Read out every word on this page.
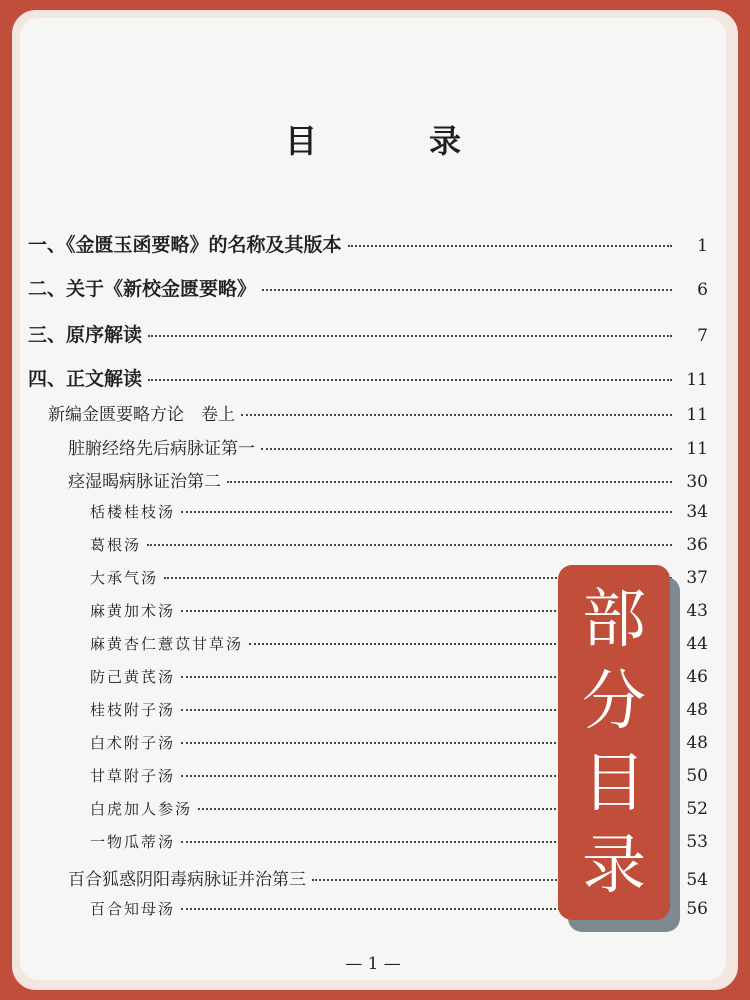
目　录
一、《金匮玉函要略》的名称及其版本	1
二、关于《新校金匮要略》	6
三、原序解读	7
四、正文解读	11
新编金匮要略方论　卷上	11
脏腑经络先后病脉证第一	11
痉湿暍病脉证治第二	30
栝楼桂枝汤	34
葛根汤	36
大承气汤	37
麻黄加术汤	43
麻黄杏仁薏苡甘草汤	44
防己黄芪汤	46
桂枝附子汤	48
白术附子汤	48
甘草附子汤	50
白虎加人参汤	52
一物瓜蒂汤	53
百合狐惑阴阳毒病脉证并治第三	54
百合知母汤	56
— 1 —
部
分
目
录
